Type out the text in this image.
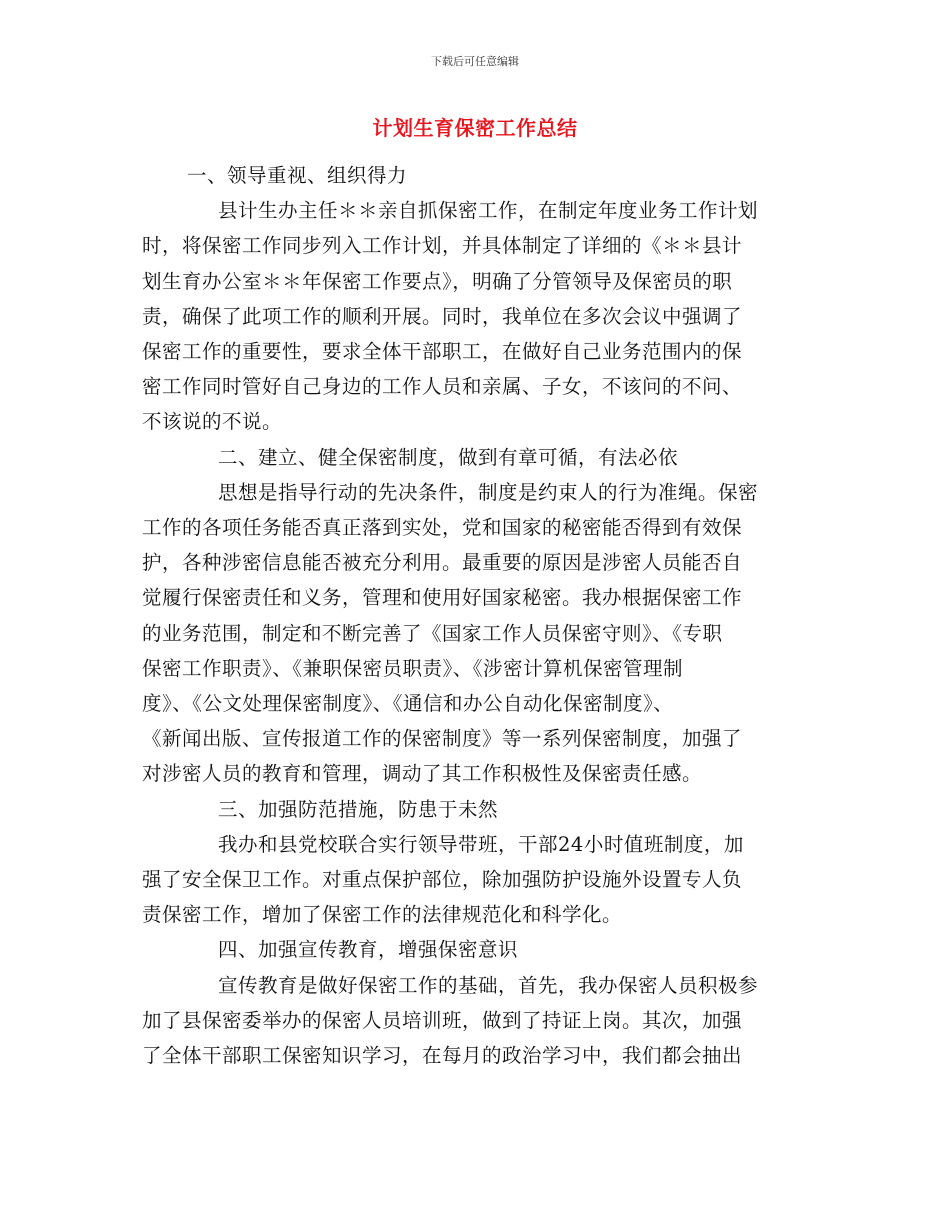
下载后可任意编辑
计划生育保密工作总结
一、领导重视、组织得力
县计生办主任＊＊亲自抓保密工作，在制定年度业务工作计划
时，将保密工作同步列入工作计划，并具体制定了详细的《＊＊县计
划生育办公室＊＊年保密工作要点》，明确了分管领导及保密员的职
责，确保了此项工作的顺利开展。同时，我单位在多次会议中强调了
保密工作的重要性，要求全体干部职工，在做好自己业务范围内的保
密工作同时管好自己身边的工作人员和亲属、子女，不该问的不问、
不该说的不说。
二、建立、健全保密制度，做到有章可循，有法必依
思想是指导行动的先决条件，制度是约束人的行为准绳。保密
工作的各项任务能否真正落到实处，党和国家的秘密能否得到有效保
护，各种涉密信息能否被充分利用。最重要的原因是涉密人员能否自
觉履行保密责任和义务，管理和使用好国家秘密。我办根据保密工作
的业务范围，制定和不断完善了《国家工作人员保密守则》、《专职
保密工作职责》、《兼职保密员职责》、《涉密计算机保密管理制
度》、《公文处理保密制度》、《通信和办公自动化保密制度》、
《新闻出版、宣传报道工作的保密制度》等一系列保密制度，加强了
对涉密人员的教育和管理，调动了其工作积极性及保密责任感。
三、加强防范措施，防患于未然
我办和县党校联合实行领导带班，干部24小时值班制度，加
强了安全保卫工作。对重点保护部位，除加强防护设施外设置专人负
责保密工作，增加了保密工作的法律规范化和科学化。
四、加强宣传教育，增强保密意识
宣传教育是做好保密工作的基础，首先，我办保密人员积极参
加了县保密委举办的保密人员培训班，做到了持证上岗。其次，加强
了全体干部职工保密知识学习，在每月的政治学习中，我们都会抽出
